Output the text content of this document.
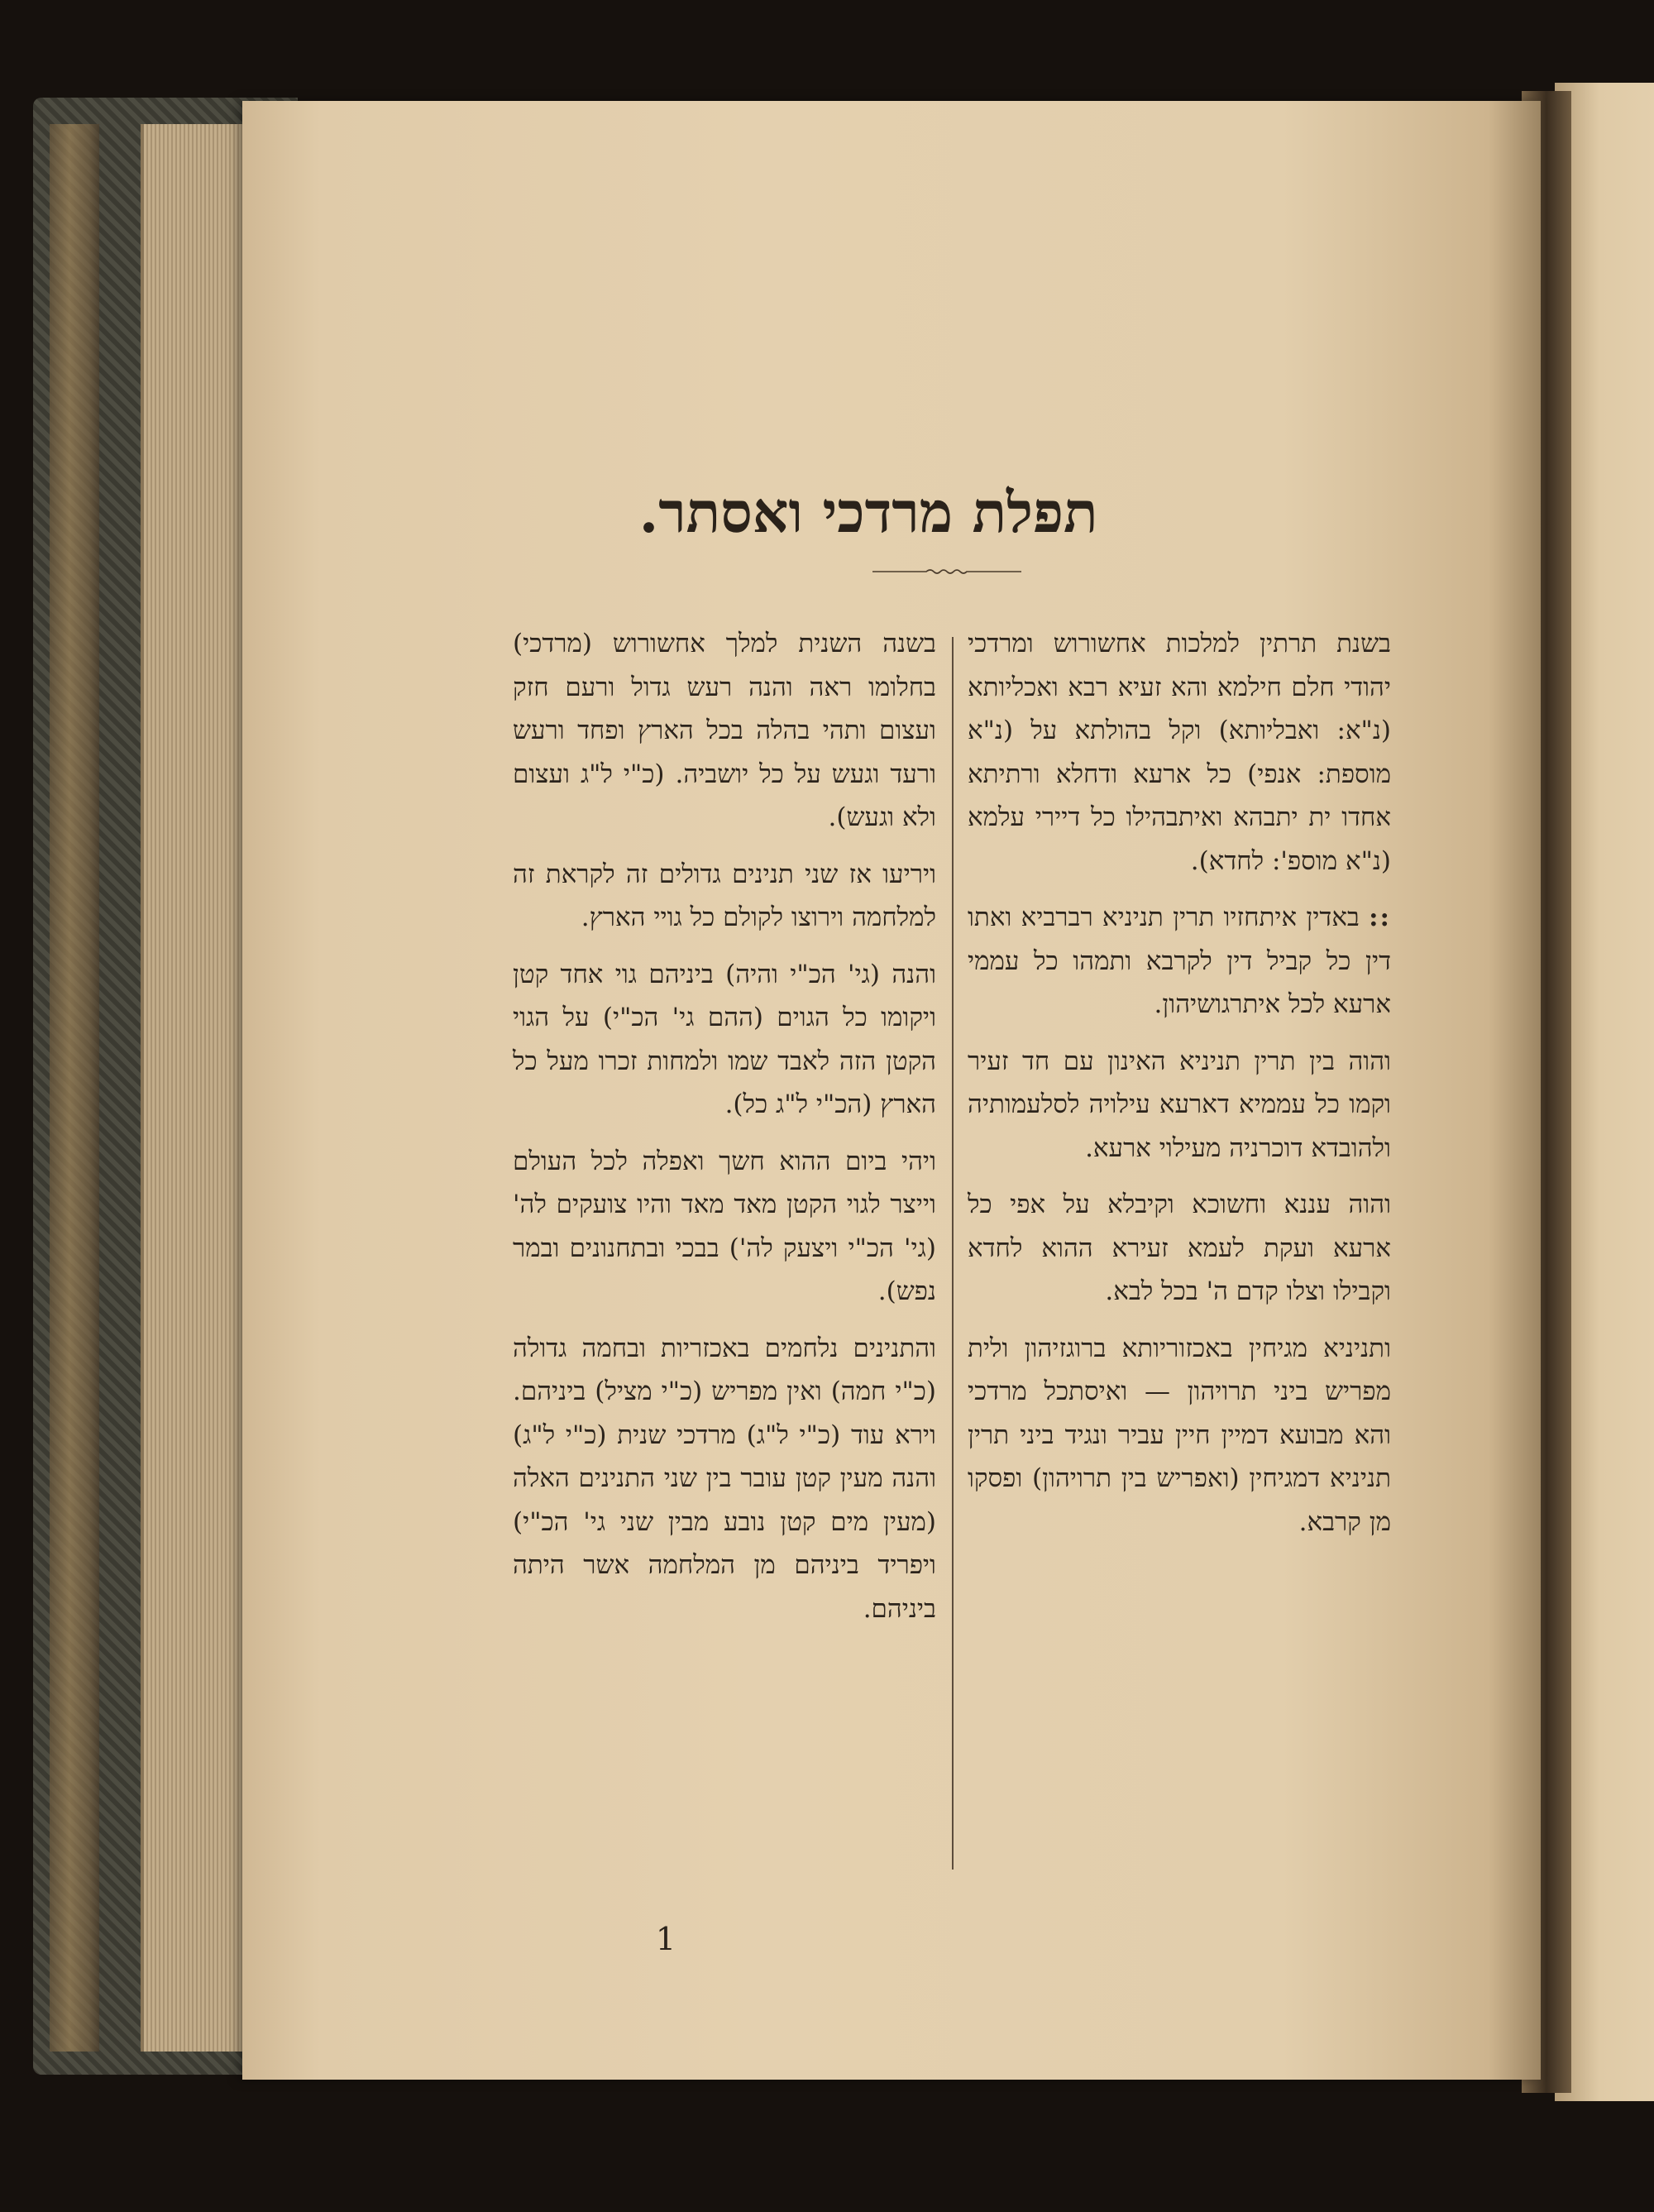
תפלת מרדכי ואסתר.

בשנת תרתין למלכות אחשורוש ומרדכי יהודי חלם חילמא והא זעיא רבא ואכליותא (נ"א: ואבליותא) וקל בהולתא על (נ"א מוספת: אנפי) כל ארעא ודחלא ורתיתא אחדו ית יתבהא ואיתבהילו כל דיירי עלמא (נ"א מוספ': לחדא).

:: באדין איתחזיו תרין תניניא רברביא ואתו דין כל קביל דין לקרבא ותמהו כל עממי ארעא לכל איתרגושיהון.

והוה בין תרין תניניא האינון עם חד זעיר וקמו כל עממיא דארעא עילויה לסלעמותיה ולהובדא דוכרניה מעילוי ארעא.

והוה עננא וחשוכא וקיבלא על אפי כל ארעא ועקת לעמא זעירא ההוא לחדא וקבילו וצלו קדם ה' בכל לבא.

ותניניא מגיחין באכזוריותא ברוגזיהון ולית מפריש ביני תרויהון — ואיסתכל מרדכי והא מבועא דמיין חיין עביר ונגיד ביני תרין תניניא דמגיחין (ואפריש בין תרויהון) ופסקו מן קרבא.

בשנה השנית למלך אחשורוש (מרדכי) בחלומו ראה והנה רעש גדול ורעם חזק ועצום ותהי בהלה בכל הארץ ופחד ורעש ורעד וגעש על כל יושביה. (כ"י ל"ג ועצום ולא וגעש).

ויריעו אז שני תנינים גדולים זה לקראת זה למלחמה וירוצו לקולם כל גויי הארץ.

והנה (גי' הכ"י והיה) ביניהם גוי אחד קטן ויקומו כל הגוים (ההם גי' הכ"י) על הגוי הקטן הזה לאבד שמו ולמחות זכרו מעל כל הארץ (הכ"י ל"ג כל).

ויהי ביום ההוא חשך ואפלה לכל העולם וייצר לגוי הקטן מאד מאד והיו צועקים לה' (גי' הכ"י ויצעק לה') בבכי ובתחנונים ובמר נפש).

והתנינים נלחמים באכזריות ובחמה גדולה (כ"י חמה) ואין מפריש (כ"י מציל) ביניהם. וירא עוד (כ"י ל"ג) מרדכי שנית (כ"י ל"ג) והנה מעין קטן עובר בין שני התנינים האלה (מעין מים קטן נובע מבין שני גי' הכ"י) ויפריד ביניהם מן המלחמה אשר היתה ביניהם.

1
